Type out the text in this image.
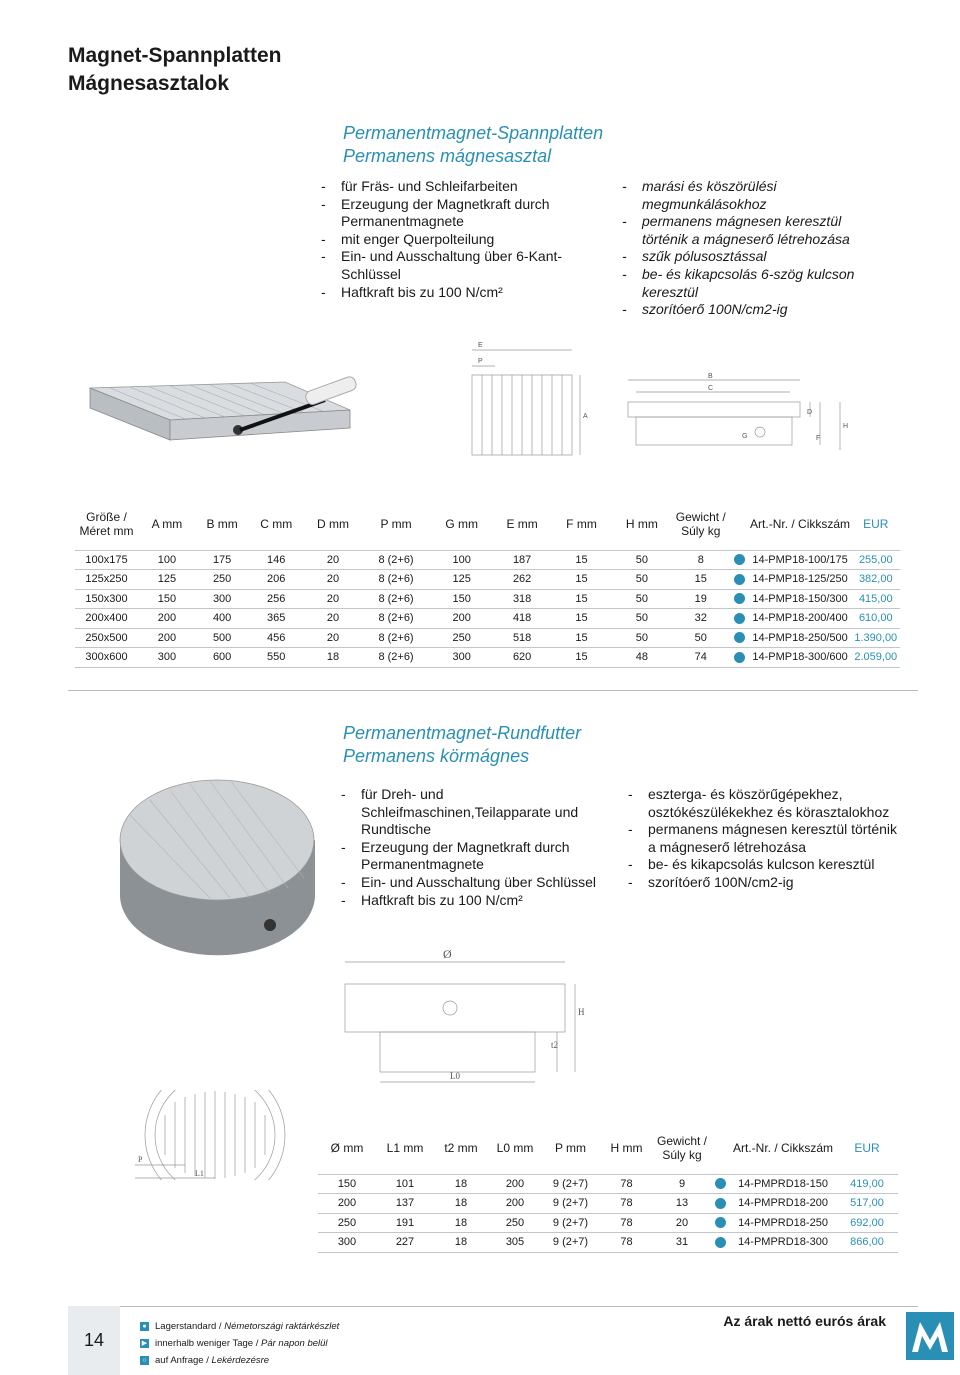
Magnet-Spannplatten
Mágnesasztalok
Permanentmagnet-Spannplatten
Permanens mágnesasztal
- für Fräs- und Schleifarbeiten
- Erzeugung der Magnetkraft durch Permanentmagnete
- mit enger Querpolteilung
- Ein- und Ausschaltung über 6-Kant-Schlüssel
- Haftkraft bis zu 100 N/cm²
- marási és köszörülési megmunkálásokhoz
- permanens mágnesen keresztül történik a mágneserő létrehozása
- szűk pólusosztással
- be- és kikapcsolás 6-szög kulcson keresztül
- szorítóerő 100N/cm2-ig
E
P
B
C
A
D
G	F
H
Größe / Méret mm	A mm	B mm	C mm	D mm	P mm	G mm	E mm	F mm	H mm	Gewicht / Súly kg		Art.-Nr. / Cikkszám	EUR
100x175	100	175	146	20	8 (2+6)	100	187	15	50	8		14-PMP18-100/175	255,00
125x250	125	250	206	20	8 (2+6)	125	262	15	50	15		14-PMP18-125/250	382,00
150x300	150	300	256	20	8 (2+6)	150	318	15	50	19		14-PMP18-150/300	415,00
200x400	200	400	365	20	8 (2+6)	200	418	15	50	32		14-PMP18-200/400	610,00
250x500	200	500	456	20	8 (2+6)	250	518	15	50	50		14-PMP18-250/500	1.390,00
300x600	300	600	550	18	8 (2+6)	300	620	15	48	74		14-PMP18-300/600	2.059,00
Permanentmagnet-Rundfutter
Permanens körmágnes
- für Dreh- und Schleifmaschinen,Teilapparate und Rundtische
- Erzeugung der Magnetkraft durch Permanentmagnete
- Ein- und Ausschaltung über Schlüssel
- Haftkraft bis zu 100 N/cm²
- eszterga- és köszörűgépekhez, osztókészülékekhez és körasztalokhoz
- permanens mágnesen keresztül történik a mágneserő létrehozása
- be- és kikapcsolás kulcson keresztül
- szorítóerő 100N/cm2-ig
Ø
H
t2
L0
P
L1
Ø mm	L1 mm	t2 mm	L0 mm	P mm	H mm	Gewicht / Súly kg		Art.-Nr. / Cikkszám	EUR
150	101	18	200	9 (2+7)	78	9		14-PMPRD18-150	419,00
200	137	18	200	9 (2+7)	78	13		14-PMPRD18-200	517,00
250	191	18	250	9 (2+7)	78	20		14-PMPRD18-250	692,00
300	227	18	305	9 (2+7)	78	31		14-PMPRD18-300	866,00
14
● Lagerstandard / Németországi raktárkészlet
▶ innerhalb weniger Tage / Pár napon belül
○ auf Anfrage / Lekérdezésre
Az árak nettó eurós árak
